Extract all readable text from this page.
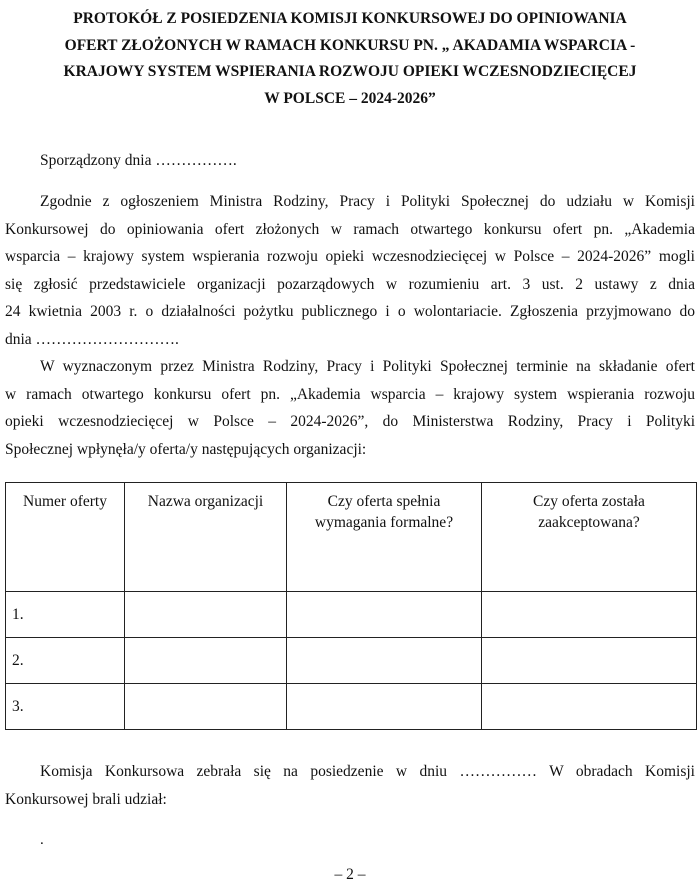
PROTOKÓŁ Z POSIEDZENIA KOMISJI KONKURSOWEJ DO OPINIOWANIA
OFERT ZŁOŻONYCH W RAMACH KONKURSU PN. „ AKADAMIA WSPARCIA -
KRAJOWY SYSTEM WSPIERANIA ROZWOJU OPIEKI WCZESNODZIECIĘCEJ
W POLSCE – 2024-2026”

Sporządzony dnia …………….

Zgodnie z ogłoszeniem Ministra Rodziny, Pracy i Polityki Społecznej do udziału w Komisji
Konkursowej do opiniowania ofert złożonych w ramach otwartego konkursu ofert pn. „Akademia
wsparcia – krajowy system wspierania rozwoju opieki wczesnodziecięcej w Polsce – 2024-2026” mogli
się zgłosić przedstawiciele organizacji pozarządowych w rozumieniu art. 3 ust. 2 ustawy z dnia
24 kwietnia 2003 r. o działalności pożytku publicznego i o wolontariacie. Zgłoszenia przyjmowano do
dnia ……………………….
W wyznaczonym przez Ministra Rodziny, Pracy i Polityki Społecznej terminie na składanie ofert
w ramach otwartego konkursu ofert pn. „Akademia wsparcia – krajowy system wspierania rozwoju
opieki wczesnodziecięcej w Polsce – 2024-2026”, do Ministerstwa Rodziny, Pracy i Polityki
Społecznej wpłynęła/y oferta/y następujących organizacji:
Numer oferty	Nazwa organizacji	Czy oferta spełnia wymagania formalne?	Czy oferta została zaakceptowana?
1.			
2.			
3.			
Komisja Konkursowa zebrała się na posiedzenie w dniu …………… W obradach Komisji
Konkursowej brali udział:
.
– 2 –
